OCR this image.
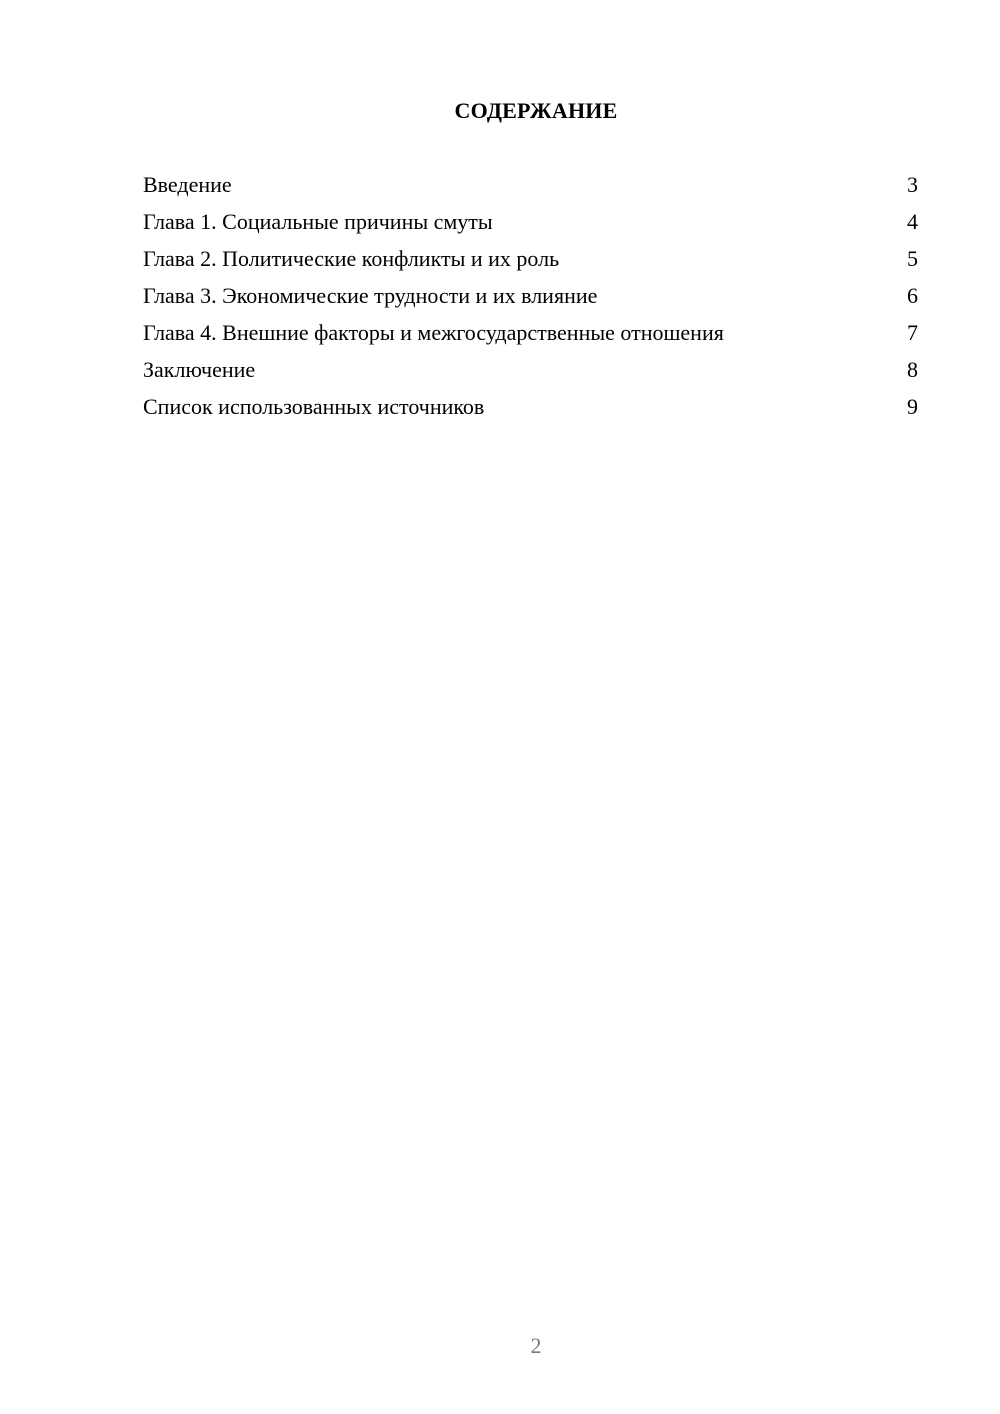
СОДЕРЖАНИЕ
Введение	3
Глава 1. Социальные причины смуты	4
Глава 2. Политические конфликты и их роль	5
Глава 3. Экономические трудности и их влияние	6
Глава 4. Внешние факторы и межгосударственные отношения	7
Заключение	8
Список использованных источников	9
2
